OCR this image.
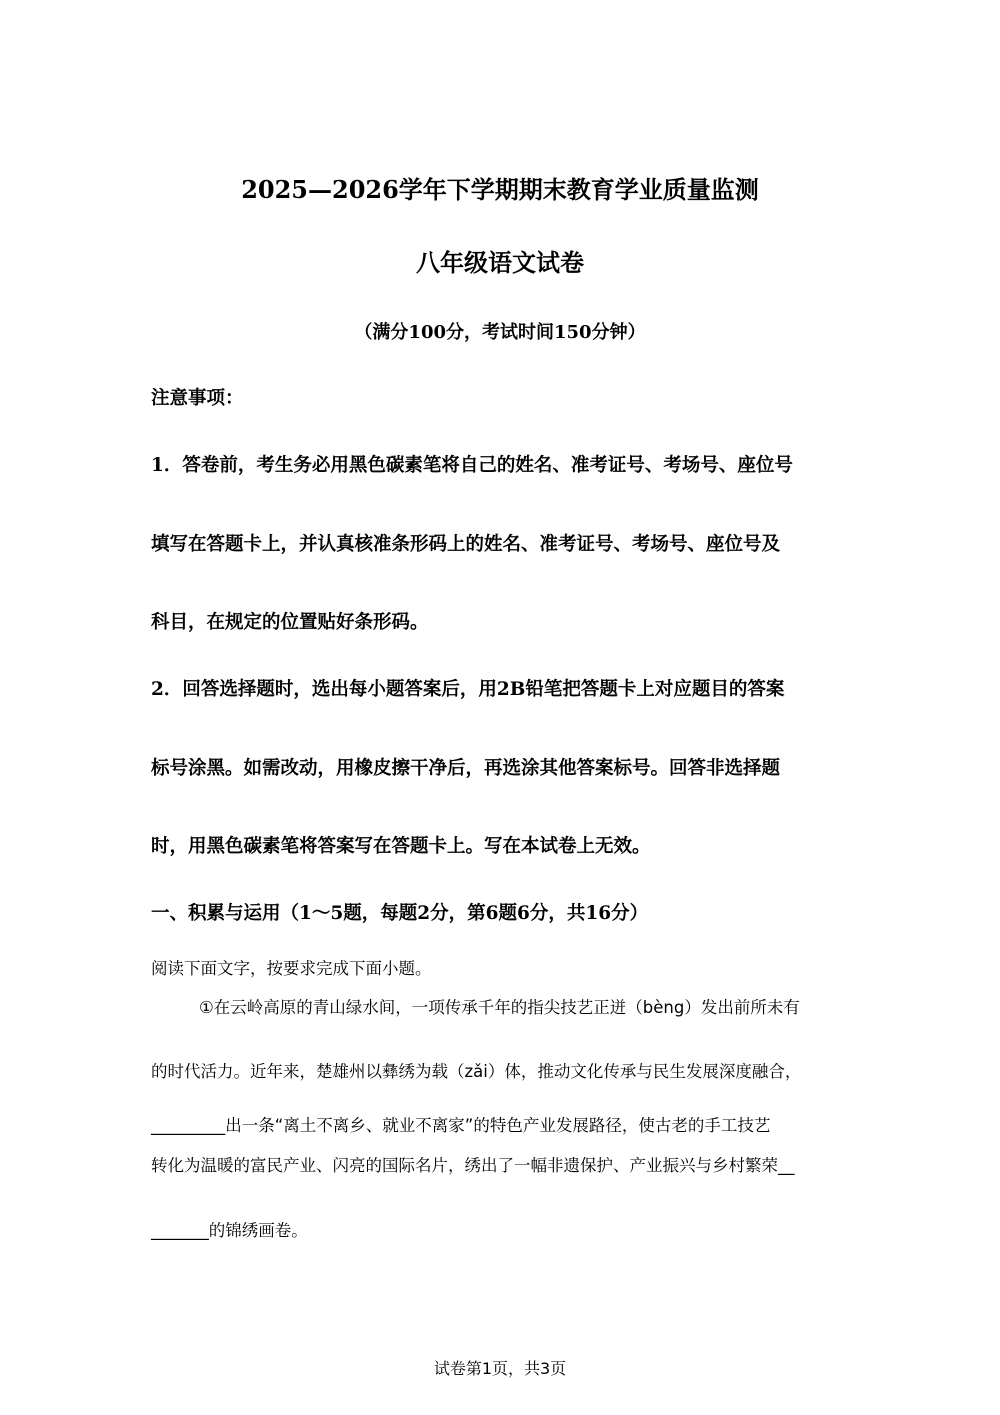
2025—2026学年下学期期末教育学业质量监测
八年级语文试卷
（满分100分，考试时间150分钟）
注意事项：
1．答卷前，考生务必用黑色碳素笔将自己的姓名、准考证号、考场号、座位号
填写在答题卡上，并认真核准条形码上的姓名、准考证号、考场号、座位号及
科目，在规定的位置贴好条形码。
2．回答选择题时，选出每小题答案后，用2B铅笔把答题卡上对应题目的答案
标号涂黑。如需改动，用橡皮擦干净后，再选涂其他答案标号。回答非选择题
时，用黑色碳素笔将答案写在答题卡上。写在本试卷上无效。
一、积累与运用（1～5题，每题2分，第6题6分，共16分）
阅读下面文字，按要求完成下面小题。
①在云岭高原的青山绿水间，一项传承千年的指尖技艺正迸（bèng）发出前所未有
的时代活力。近年来，楚雄州以彝绣为载（zǎi）体，推动文化传承与民生发展深度融合，
_________出一条“离土不离乡、就业不离家”的特色产业发展路径，使古老的手工技艺
转化为温暖的富民产业、闪亮的国际名片，绣出了一幅非遗保护、产业振兴与乡村繁荣__
_______的锦绣画卷。
试卷第1页，共3页
